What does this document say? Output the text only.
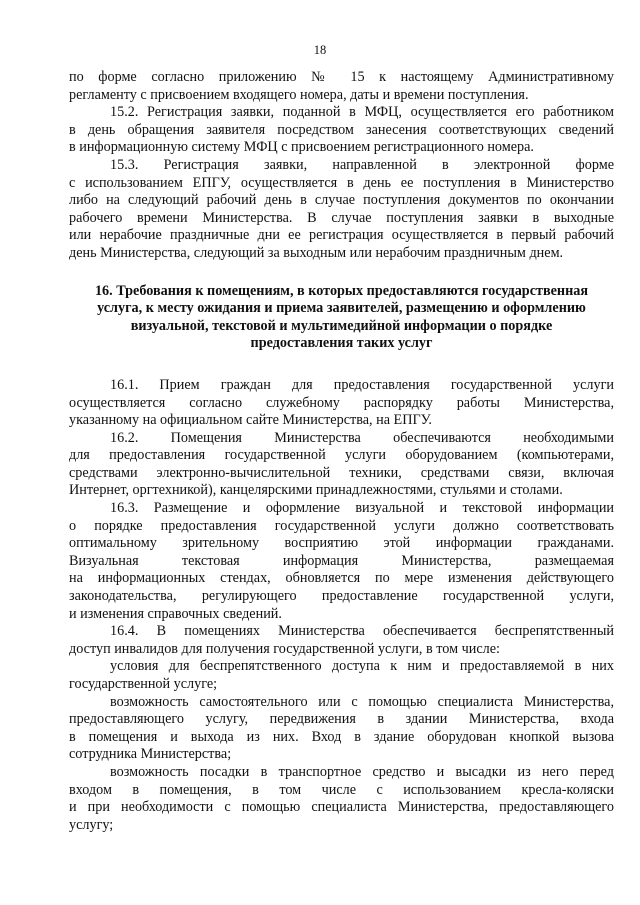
18
по форме согласно приложению № 15 к настоящему Административному
регламенту с присвоением входящего номера, даты и времени поступления.
15.2. Регистрация заявки, поданной в МФЦ, осуществляется его работником
в день обращения заявителя посредством занесения соответствующих сведений
в информационную систему МФЦ с присвоением регистрационного номера.
15.3. Регистрация заявки, направленной в электронной форме
с использованием ЕПГУ, осуществляется в день ее поступления в Министерство
либо на следующий рабочий день в случае поступления документов по окончании
рабочего времени Министерства. В случае поступления заявки в выходные
или нерабочие праздничные дни ее регистрация осуществляется в первый рабочий
день Министерства, следующий за выходным или нерабочим праздничным днем.
16. Требования к помещениям, в которых предоставляются государственная
услуга, к месту ожидания и приема заявителей, размещению и оформлению
визуальной, текстовой и мультимедийной информации о порядке
предоставления таких услуг
16.1. Прием граждан для предоставления государственной услуги
осуществляется согласно служебному распорядку работы Министерства,
указанному на официальном сайте Министерства, на ЕПГУ.
16.2. Помещения Министерства обеспечиваются необходимыми
для предоставления государственной услуги оборудованием (компьютерами,
средствами электронно-вычислительной техники, средствами связи, включая
Интернет, оргтехникой), канцелярскими принадлежностями, стульями и столами.
16.3. Размещение и оформление визуальной и текстовой информации
о порядке предоставления государственной услуги должно соответствовать
оптимальному зрительному восприятию этой информации гражданами.
Визуальная текстовая информация Министерства, размещаемая
на информационных стендах, обновляется по мере изменения действующего
законодательства, регулирующего предоставление государственной услуги,
и изменения справочных сведений.
16.4. В помещениях Министерства обеспечивается беспрепятственный
доступ инвалидов для получения государственной услуги, в том числе:
условия для беспрепятственного доступа к ним и предоставляемой в них
государственной услуге;
возможность самостоятельного или с помощью специалиста Министерства,
предоставляющего услугу, передвижения в здании Министерства, входа
в помещения и выхода из них. Вход в здание оборудован кнопкой вызова
сотрудника Министерства;
возможность посадки в транспортное средство и высадки из него перед
входом в помещения, в том числе с использованием кресла-коляски
и при необходимости с помощью специалиста Министерства, предоставляющего
услугу;
